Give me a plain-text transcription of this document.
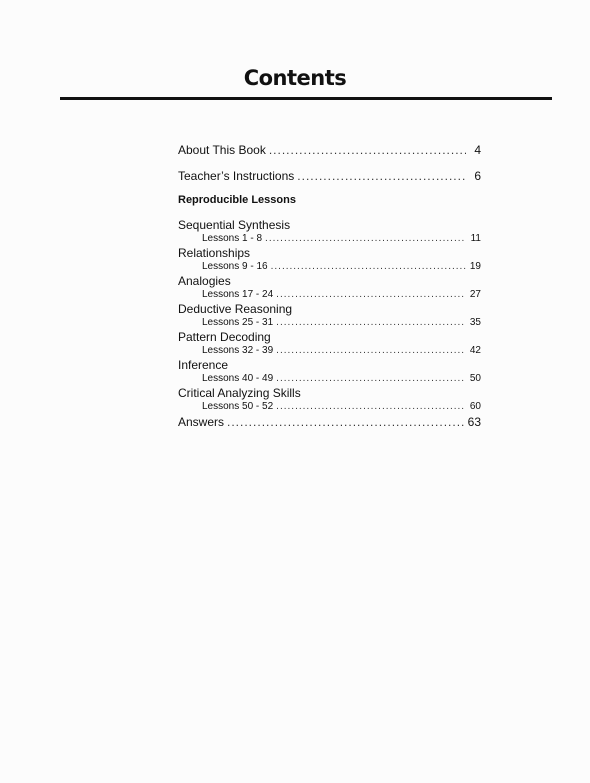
Contents
About This Book .....	4
Teacher’s Instructions .....	6
Reproducible Lessons
Sequential Synthesis
Lessons 1 - 8 .....	11
Relationships
Lessons 9 - 16 .....	19
Analogies
Lessons 17 - 24 .....	27
Deductive Reasoning
Lessons 25 - 31 .....	35
Pattern Decoding
Lessons 32 - 39 .....	42
Inference
Lessons 40 - 49 .....	50
Critical Analyzing Skills
Lessons 50 - 52 .....	60
Answers .....	63
